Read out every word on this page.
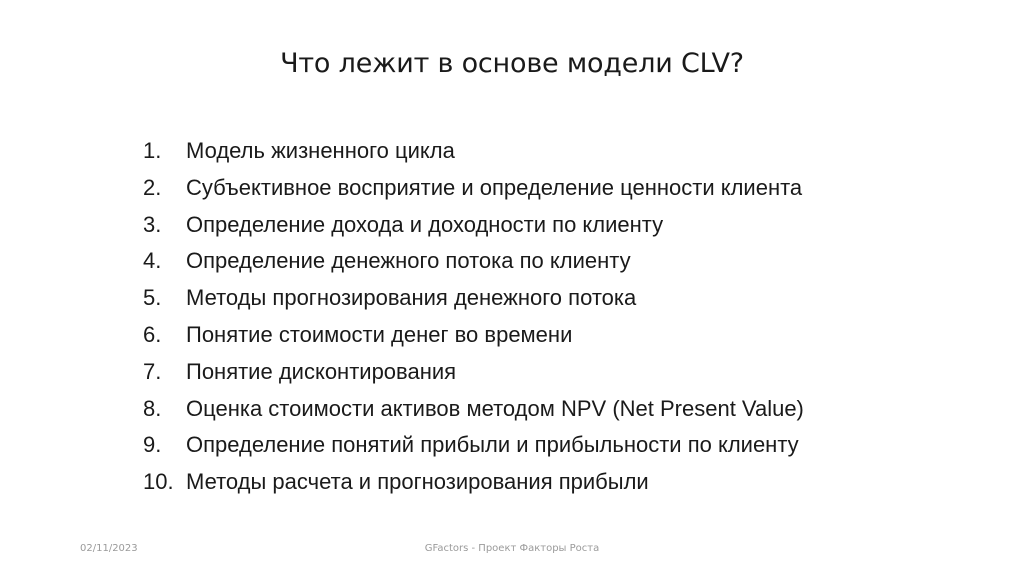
Что лежит в основе модели CLV?
1.	Модель жизненного цикла
2.	Субъективное восприятие и определение ценности клиента
3.	Определение дохода и доходности по клиенту
4.	Определение денежного потока по клиенту
5.	Методы прогнозирования денежного потока
6.	Понятие стоимости денег во времени
7.	Понятие дисконтирования
8.	Оценка стоимости активов методом NPV (Net Present Value)
9.	Определение понятий прибыли и прибыльности по клиенту
10. Методы расчета и прогнозирования прибыли
02/11/2023	GFactors - Проект Факторы Роста
